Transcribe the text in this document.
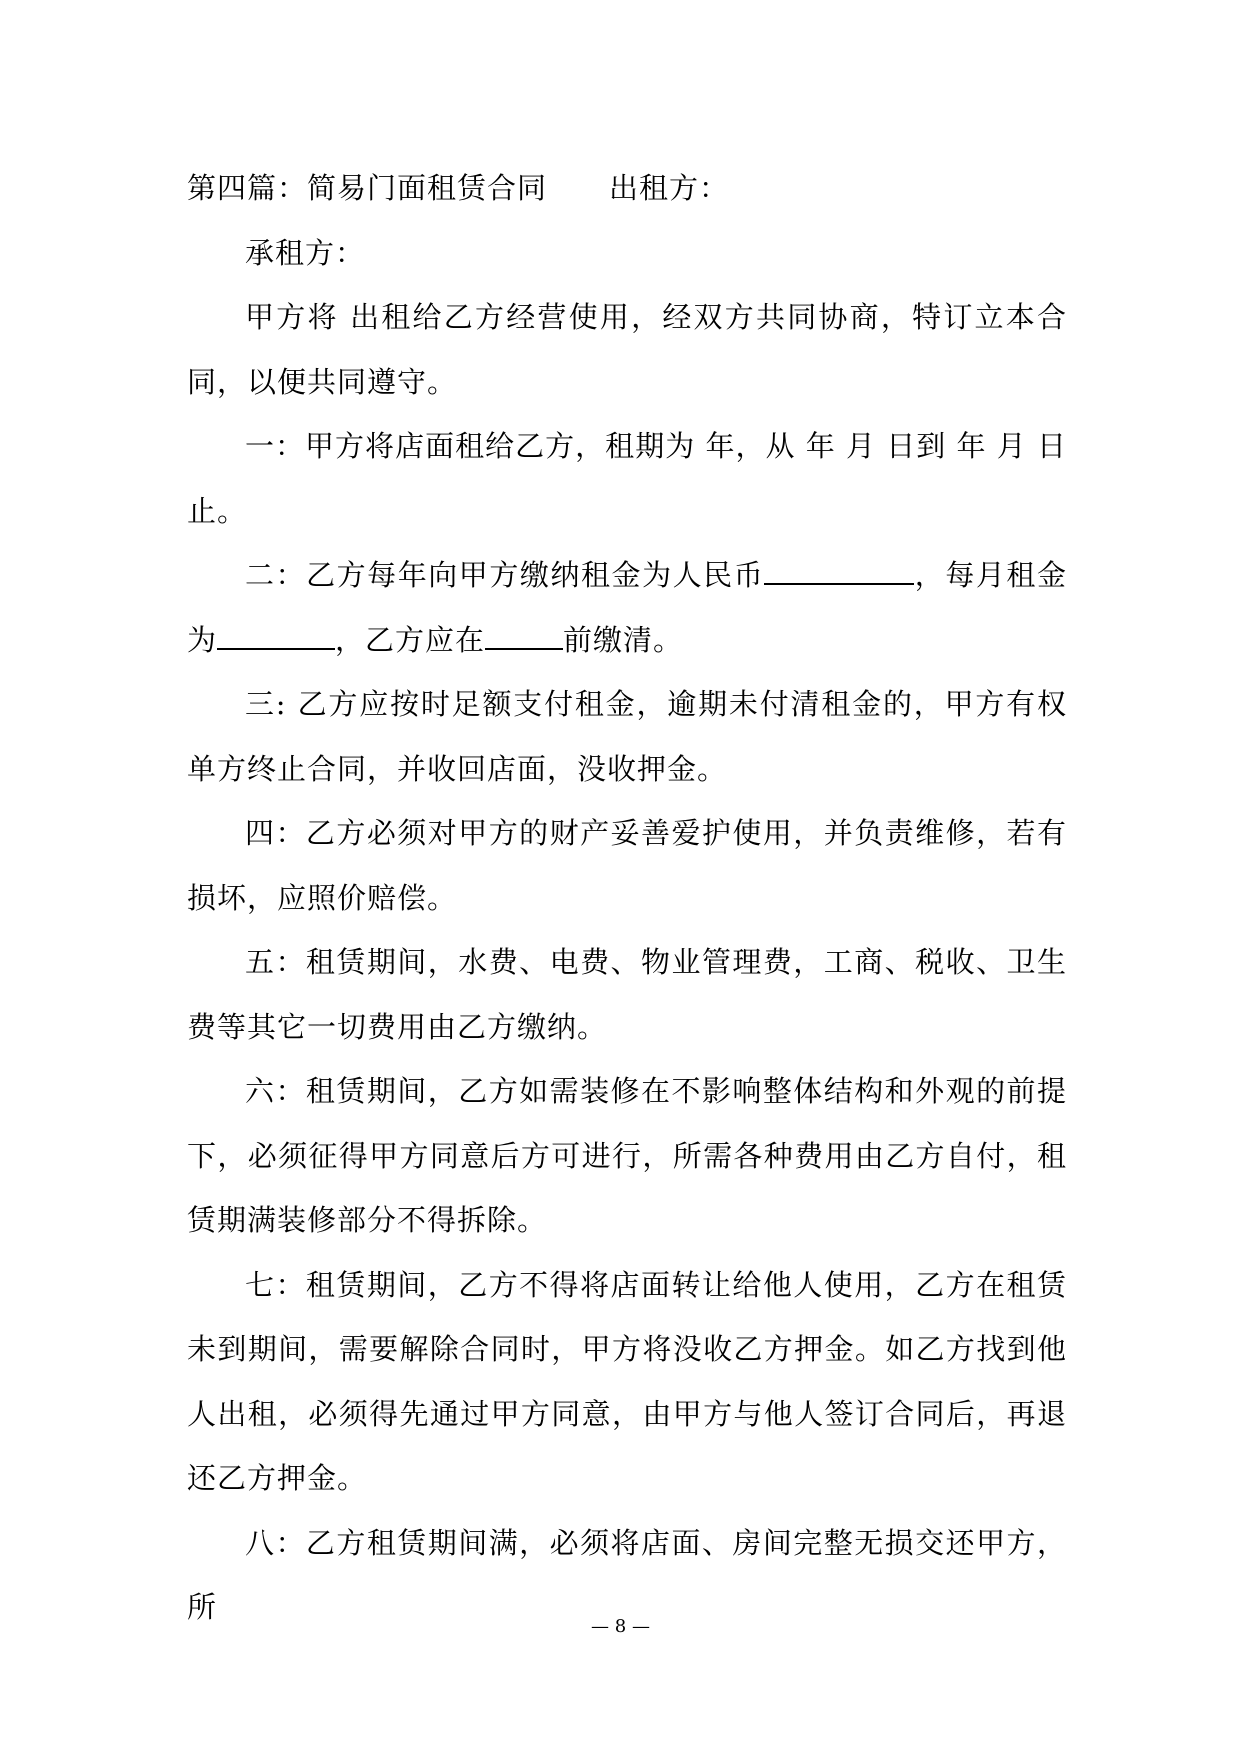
第四篇：简易门面租赁合同 出租方：

承租方：

甲方将 出租给乙方经营使用，经双方共同协商，特订立本合同，以便共同遵守。

一：甲方将店面租给乙方，租期为 年，从 年 月 日到 年 月 日止。

二：乙方每年向甲方缴纳租金为人民币	，每月租金为	，乙方应在	前缴清。

三: 乙方应按时足额支付租金，逾期未付清租金的，甲方有权单方终止合同，并收回店面，没收押金。

四：乙方必须对甲方的财产妥善爱护使用，并负责维修，若有损坏，应照价赔偿。

五：租赁期间，水费、电费、物业管理费，工商、税收、卫生费等其它一切费用由乙方缴纳。

六：租赁期间，乙方如需装修在不影响整体结构和外观的前提下，必须征得甲方同意后方可进行，所需各种费用由乙方自付，租赁期满装修部分不得拆除。

七：租赁期间，乙方不得将店面转让给他人使用，乙方在租赁未到期间，需要解除合同时，甲方将没收乙方押金。如乙方找到他人出租，必须得先通过甲方同意，由甲方与他人签订合同后，再退还乙方押金。

八：乙方租赁期间满，必须将店面、房间完整无损交还甲方，所

— 8 —
